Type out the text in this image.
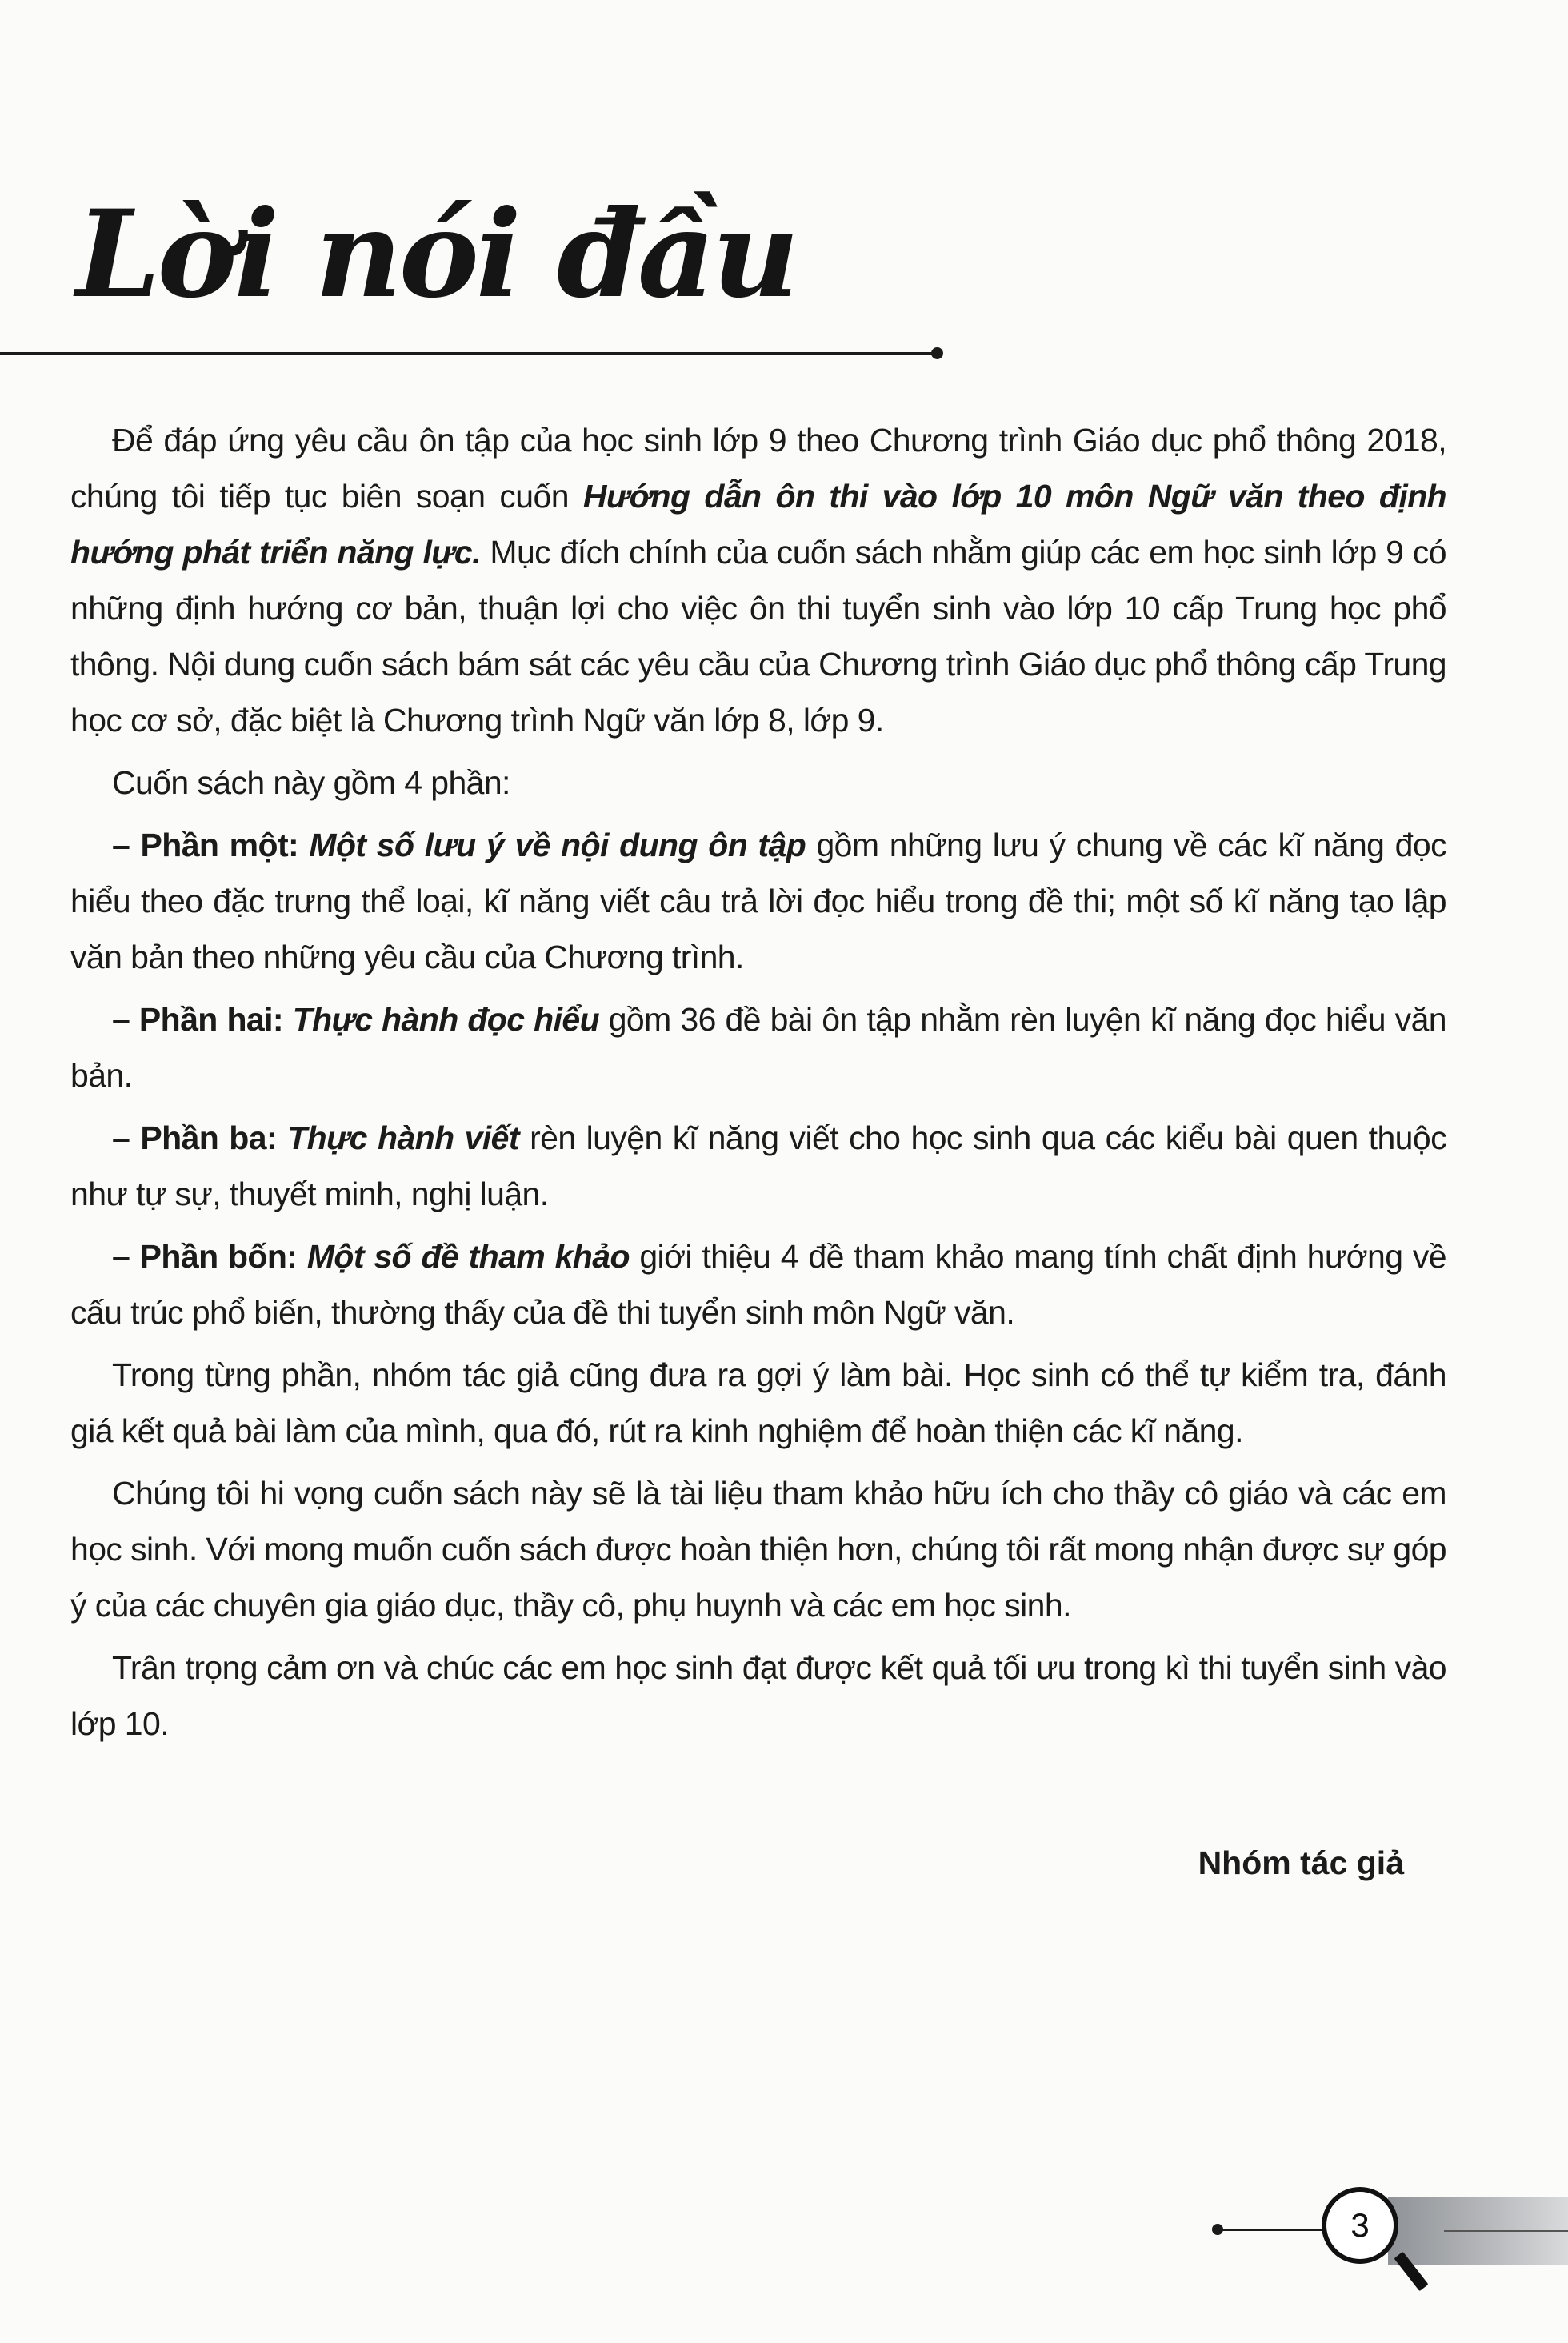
Lời nói đầu

Để đáp ứng yêu cầu ôn tập của học sinh lớp 9 theo Chương trình Giáo dục phổ thông 2018, chúng tôi tiếp tục biên soạn cuốn Hướng dẫn ôn thi vào lớp 10 môn Ngữ văn theo định hướng phát triển năng lực. Mục đích chính của cuốn sách nhằm giúp các em học sinh lớp 9 có những định hướng cơ bản, thuận lợi cho việc ôn thi tuyển sinh vào lớp 10 cấp Trung học phổ thông. Nội dung cuốn sách bám sát các yêu cầu của Chương trình Giáo dục phổ thông cấp Trung học cơ sở, đặc biệt là Chương trình Ngữ văn lớp 8, lớp 9.

Cuốn sách này gồm 4 phần:

– Phần một: Một số lưu ý về nội dung ôn tập gồm những lưu ý chung về các kĩ năng đọc hiểu theo đặc trưng thể loại, kĩ năng viết câu trả lời đọc hiểu trong đề thi; một số kĩ năng tạo lập văn bản theo những yêu cầu của Chương trình.

– Phần hai: Thực hành đọc hiểu gồm 36 đề bài ôn tập nhằm rèn luyện kĩ năng đọc hiểu văn bản.

– Phần ba: Thực hành viết rèn luyện kĩ năng viết cho học sinh qua các kiểu bài quen thuộc như tự sự, thuyết minh, nghị luận.

– Phần bốn: Một số đề tham khảo giới thiệu 4 đề tham khảo mang tính chất định hướng về cấu trúc phổ biến, thường thấy của đề thi tuyển sinh môn Ngữ văn.

Trong từng phần, nhóm tác giả cũng đưa ra gợi ý làm bài. Học sinh có thể tự kiểm tra, đánh giá kết quả bài làm của mình, qua đó, rút ra kinh nghiệm để hoàn thiện các kĩ năng.

Chúng tôi hi vọng cuốn sách này sẽ là tài liệu tham khảo hữu ích cho thầy cô giáo và các em học sinh. Với mong muốn cuốn sách được hoàn thiện hơn, chúng tôi rất mong nhận được sự góp ý của các chuyên gia giáo dục, thầy cô, phụ huynh và các em học sinh.

Trân trọng cảm ơn và chúc các em học sinh đạt được kết quả tối ưu trong kì thi tuyển sinh vào lớp 10.

Nhóm tác giả
3
